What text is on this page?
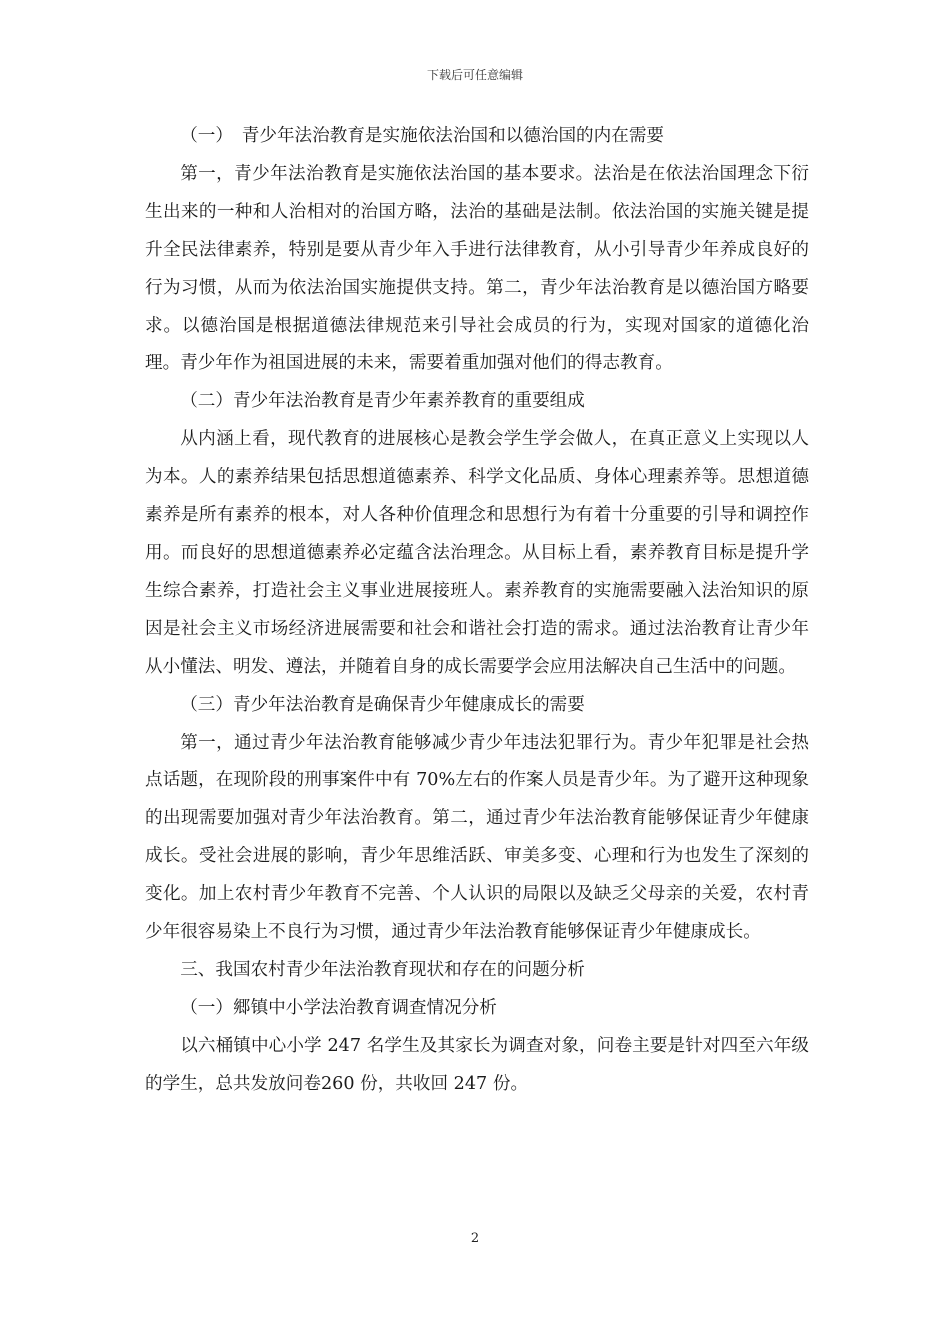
下载后可任意编辑

（一）　青少年法治教育是实施依法治国和以德治国的内在需要

第一，青少年法治教育是实施依法治国的基本要求。法治是在依法治国理念下衍生出来的一种和人治相对的治国方略，法治的基础是法制。依法治国的实施关键是提升全民法律素养，特别是要从青少年入手进行法律教育，从小引导青少年养成良好的行为习惯，从而为依法治国实施提供支持。第二，青少年法治教育是以德治国方略要求。以德治国是根据道德法律规范来引导社会成员的行为，实现对国家的道德化治理。青少年作为祖国进展的未来，需要着重加强对他们的得志教育。

（二）青少年法治教育是青少年素养教育的重要组成

从内涵上看，现代教育的进展核心是教会学生学会做人，在真正意义上实现以人为本。人的素养结果包括思想道德素养、科学文化品质、身体心理素养等。思想道德素养是所有素养的根本，对人各种价值理念和思想行为有着十分重要的引导和调控作用。而良好的思想道德素养必定蕴含法治理念。从目标上看，素养教育目标是提升学生综合素养，打造社会主义事业进展接班人。素养教育的实施需要融入法治知识的原因是社会主义市场经济进展需要和社会和谐社会打造的需求。通过法治教育让青少年从小懂法、明发、遵法，并随着自身的成长需要学会应用法解决自己生活中的问题。

（三）青少年法治教育是确保青少年健康成长的需要

第一，通过青少年法治教育能够减少青少年违法犯罪行为。青少年犯罪是社会热点话题，在现阶段的刑事案件中有 70%左右的作案人员是青少年。为了避开这种现象的出现需要加强对青少年法治教育。第二，通过青少年法治教育能够保证青少年健康成长。受社会进展的影响，青少年思维活跃、审美多变、心理和行为也发生了深刻的变化。加上农村青少年教育不完善、个人认识的局限以及缺乏父母亲的关爱，农村青少年很容易染上不良行为习惯，通过青少年法治教育能够保证青少年健康成长。

三、我国农村青少年法治教育现状和存在的问题分析

（一）郷镇中小学法治教育调查情况分析

以六桶镇中心小学 247 名学生及其家长为调查对象，问卷主要是针对四至六年级的学生，总共发放问卷260 份，共收回 247 份。

2
